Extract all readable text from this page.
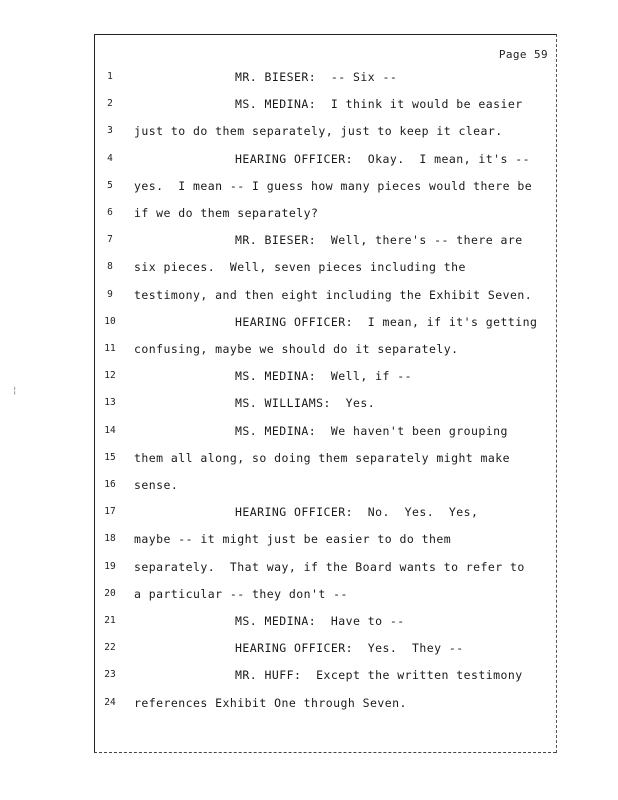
¦
Page 59
1	MR. BIESER:  -- Six --
2	MS. MEDINA:  I think it would be easier
3	just to do them separately, just to keep it clear.
4	HEARING OFFICER:  Okay.  I mean, it's --
5	yes.  I mean -- I guess how many pieces would there be
6	if we do them separately?
7	MR. BIESER:  Well, there's -- there are
8	six pieces.  Well, seven pieces including the
9	testimony, and then eight including the Exhibit Seven.
10	HEARING OFFICER:  I mean, if it's getting
11	confusing, maybe we should do it separately.
12	MS. MEDINA:  Well, if --
13	MS. WILLIAMS:  Yes.
14	MS. MEDINA:  We haven't been grouping
15	them all along, so doing them separately might make
16	sense.
17	HEARING OFFICER:  No.  Yes.  Yes,
18	maybe -- it might just be easier to do them
19	separately.  That way, if the Board wants to refer to
20	a particular -- they don't --
21	MS. MEDINA:  Have to --
22	HEARING OFFICER:  Yes.  They --
23	MR. HUFF:  Except the written testimony
24	references Exhibit One through Seven.
